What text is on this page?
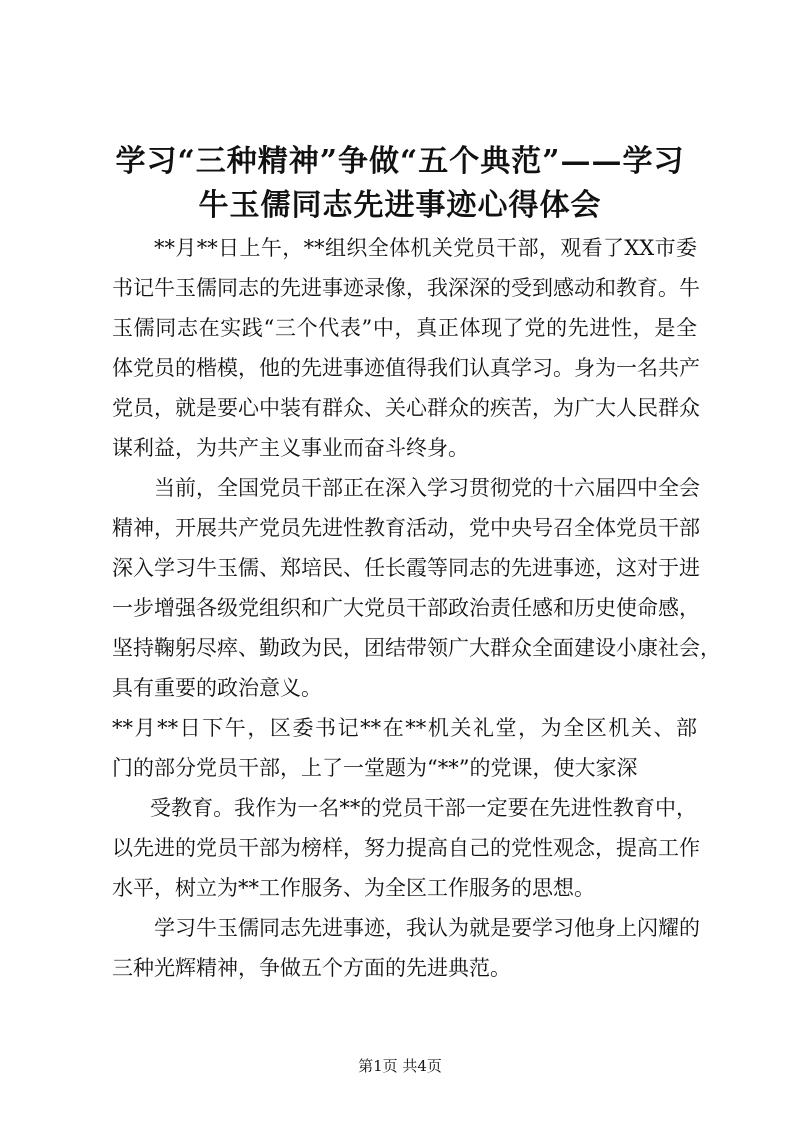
学习“三种精神”争做“五个典范”——学习
牛玉儒同志先进事迹心得体会

**月**日上午，**组织全体机关党员干部，观看了XX市委
书记牛玉儒同志的先进事迹录像，我深深的受到感动和教育。牛
玉儒同志在实践“三个代表”中，真正体现了党的先进性，是全
体党员的楷模，他的先进事迹值得我们认真学习。身为一名共产
党员，就是要心中装有群众、关心群众的疾苦，为广大人民群众
谋利益，为共产主义事业而奋斗终身。

当前，全国党员干部正在深入学习贯彻党的十六届四中全会
精神，开展共产党员先进性教育活动，党中央号召全体党员干部
深入学习牛玉儒、郑培民、任长霞等同志的先进事迹，这对于进
一步增强各级党组织和广大党员干部政治责任感和历史使命感，
坚持鞠躬尽瘁、勤政为民，团结带领广大群众全面建设小康社会，
具有重要的政治意义。

**月**日下午，区委书记**在**机关礼堂，为全区机关、部
门的部分党员干部，上了一堂题为“**”的党课，使大家深

受教育。我作为一名**的党员干部一定要在先进性教育中，
以先进的党员干部为榜样，努力提高自己的党性观念，提高工作
水平，树立为**工作服务、为全区工作服务的思想。

学习牛玉儒同志先进事迹，我认为就是要学习他身上闪耀的
三种光辉精神，争做五个方面的先进典范。

第1页 共4页
